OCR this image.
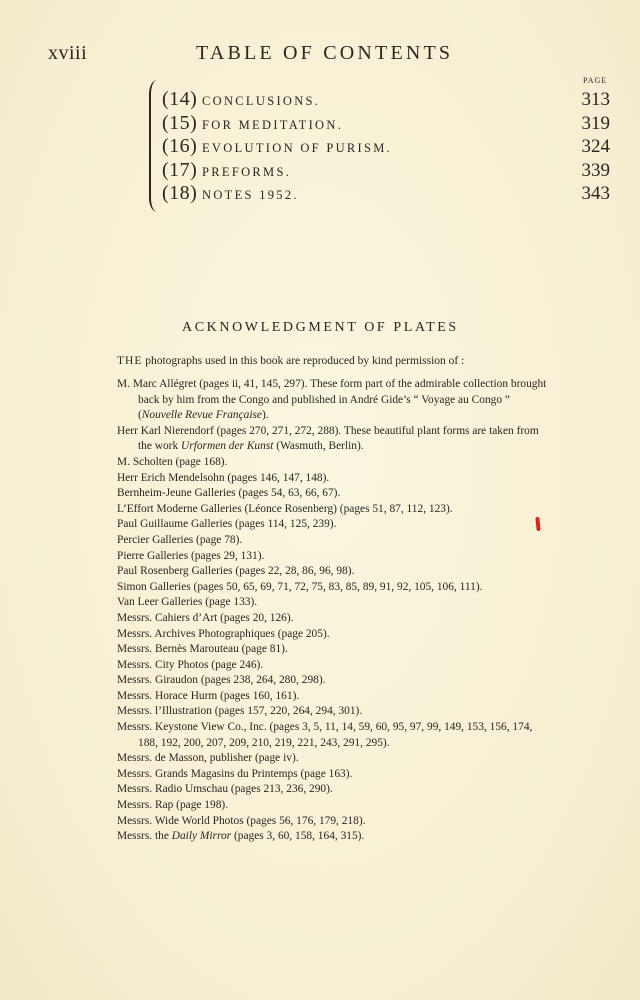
xviii	TABLE OF CONTENTS
PAGE
(14) CONCLUSIONS.	313
(15) FOR MEDITATION.	319
(16) EVOLUTION OF PURISM.	324
(17) PREFORMS.	339
(18) NOTES 1952.	343
ACKNOWLEDGMENT OF PLATES

THE photographs used in this book are reproduced by kind permission of :

M. Marc Allégret (pages ii, 41, 145, 297). These form part of the admirable collection brought back by him from the Congo and published in André Gide’s “ Voyage au Congo ” (Nouvelle Revue Française).
Herr Karl Nierendorf (pages 270, 271, 272, 288). These beautiful plant forms are taken from the work Urformen der Kunst (Wasmuth, Berlin).
M. Scholten (page 168).
Herr Erich Mendelsohn (pages 146, 147, 148).
Bernheim-Jeune Galleries (pages 54, 63, 66, 67).
L’Effort Moderne Galleries (Léonce Rosenberg) (pages 51, 87, 112, 123).
Paul Guillaume Galleries (pages 114, 125, 239).
Percier Galleries (page 78).
Pierre Galleries (pages 29, 131).
Paul Rosenberg Galleries (pages 22, 28, 86, 96, 98).
Simon Galleries (pages 50, 65, 69, 71, 72, 75, 83, 85, 89, 91, 92, 105, 106, 111).
Van Leer Galleries (page 133).
Messrs. Cahiers d’Art (pages 20, 126).
Messrs. Archives Photographiques (page 205).
Messrs. Bernès Marouteau (page 81).
Messrs. City Photos (page 246).
Messrs. Giraudon (pages 238, 264, 280, 298).
Messrs. Horace Hurm (pages 160, 161).
Messrs. l’Illustration (pages 157, 220, 264, 294, 301).
Messrs. Keystone View Co., Inc. (pages 3, 5, 11, 14, 59, 60, 95, 97, 99, 149, 153, 156, 174, 188, 192, 200, 207, 209, 210, 219, 221, 243, 291, 295).
Messrs. de Masson, publisher (page iv).
Messrs. Grands Magasins du Printemps (page 163).
Messrs. Radio Umschau (pages 213, 236, 290).
Messrs. Rap (page 198).
Messrs. Wide World Photos (pages 56, 176, 179, 218).
Messrs. the Daily Mirror (pages 3, 60, 158, 164, 315).
